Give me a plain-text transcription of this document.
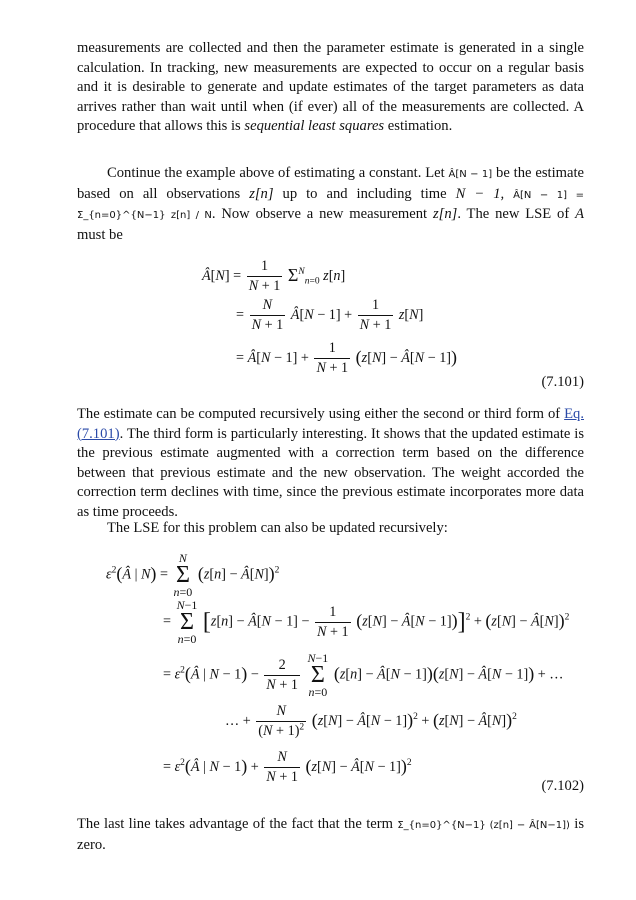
measurements are collected and then the parameter estimate is generated in a single calculation. In tracking, new measurements are expected to occur on a regular basis and it is desirable to generate and update estimates of the target parameters as data arrives rather than wait until when (if ever) all of the measurements are collected. A procedure that allows this is sequential least squares estimation.

Continue the example above of estimating a constant. Let Â[N − 1] be the estimate based on all observations z[n] up to and including time N − 1, Â[N − 1] = Σ_{n=0}^{N−1} z[n] / N. Now observe a new measurement z[n]. The new LSE of A must be

Â[N] = $\frac{1}{N + 1} \Sigma^N_{n=0}$ z[n]
= $\frac{N}{N + 1}$ Â[N − $1] + \frac{1}{N + 1} z[N]$
= Â[N − $1] + \frac{1}{N + 1} (z[N]$ − Â[N − 1])
(7.101)

The estimate can be computed recursively using either the second or third form of Eq. (7.101). The third form is particularly interesting. It shows that the updated estimate is the previous estimate augmented with a correction term based on the difference between that previous estimate and the new observation. The weight accorded the correction term declines with time, since the previous estimate incorporates more data as time proceeds.

The LSE for this problem can also be updated recursively:

$\varepsilon^2(Â$ | N) = N
Σ
n=0 (z[n] − Â[N])$^2$
= N−1
Σ
n=0 [z[n] − Â[N − $1] - \frac{1}{N + 1} (z[N]$ − Â[N − 1])]$^2$ + (z[N] − Â[N])$^2$
= $\varepsilon^2(Â$ | $N - 1) - \frac{2}{N + 1} N-1$
Σ
n=0 (z[n] − Â[N − 1])(z[N] − Â[N − 1]) + …
… + $\frac{N}{(N + 1)^2} (z[N]$ − Â[N − 1])$^2$ + (z[N] − Â[N])$^2$
= $\varepsilon^2(Â$ | $N - 1) + \frac{N}{N + 1} (z[N]$ − Â[N − 1])$^2$
(7.102)

The last line takes advantage of the fact that the term Σ_{n=0}^{N−1} (z[n] − Â[N−1]) is zero.
